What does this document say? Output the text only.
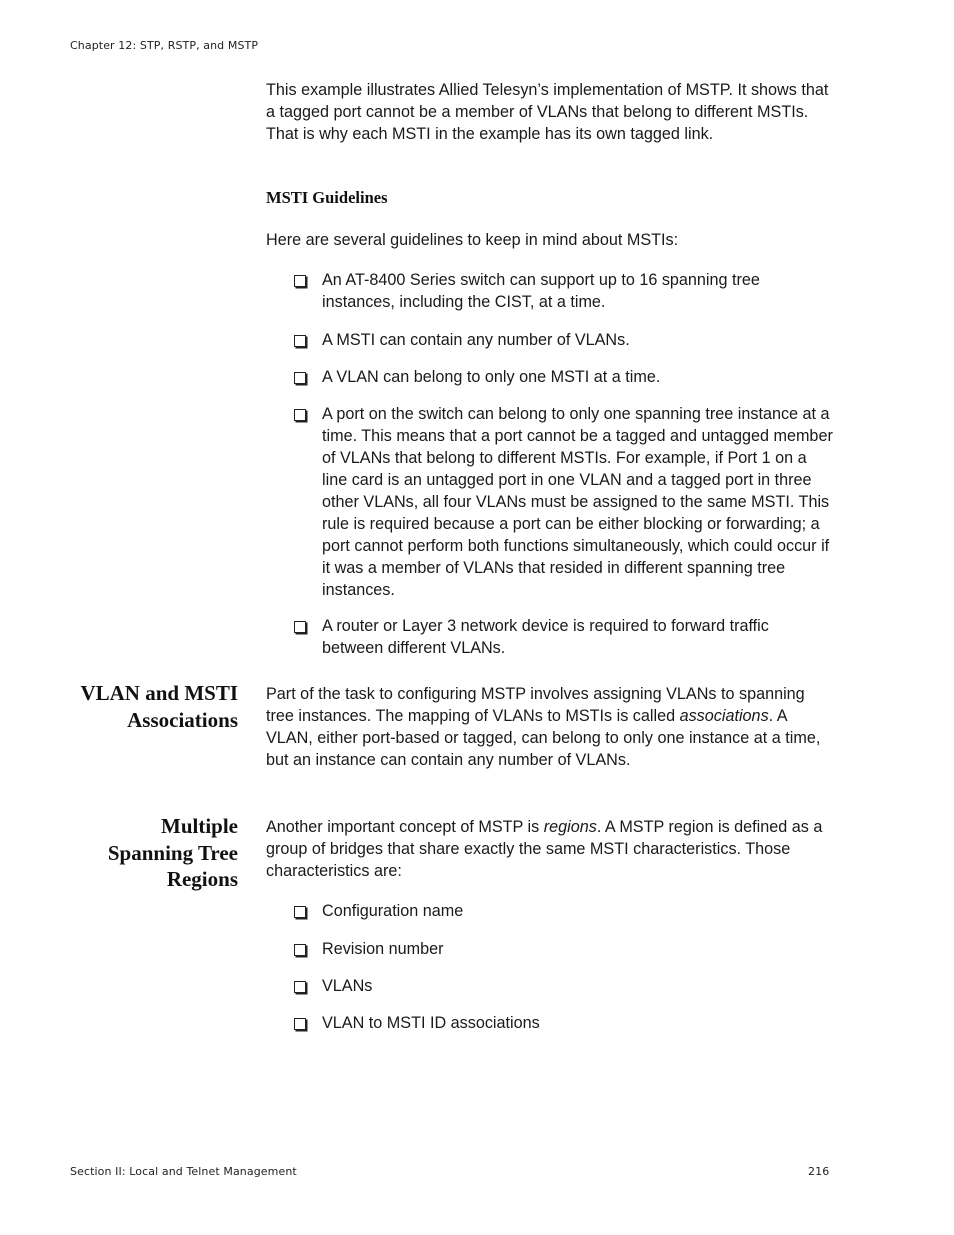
Chapter 12: STP, RSTP, and MSTP

This example illustrates Allied Telesyn’s implementation of MSTP. It shows that a tagged port cannot be a member of VLANs that belong to different MSTIs. That is why each MSTI in the example has its own tagged link.

MSTI Guidelines

Here are several guidelines to keep in mind about MSTIs:

An AT-8400 Series switch can support up to 16 spanning tree instances, including the CIST, at a time.
A MSTI can contain any number of VLANs.
A VLAN can belong to only one MSTI at a time.
A port on the switch can belong to only one spanning tree instance at a time. This means that a port cannot be a tagged and untagged member of VLANs that belong to different MSTIs. For example, if Port 1 on a line card is an untagged port in one VLAN and a tagged port in three other VLANs, all four VLANs must be assigned to the same MSTI. This rule is required because a port can be either blocking or forwarding; a port cannot perform both functions simultaneously, which could occur if it was a member of VLANs that resided in different spanning tree instances.
A router or Layer 3 network device is required to forward traffic between different VLANs.
VLAN and MSTI
Associations

Part of the task to configuring MSTP involves assigning VLANs to spanning tree instances. The mapping of VLANs to MSTIs is called associations. A VLAN, either port-based or tagged, can belong to only one instance at a time, but an instance can contain any number of VLANs.

Multiple
Spanning Tree
Regions

Another important concept of MSTP is regions. A MSTP region is defined as a group of bridges that share exactly the same MSTI characteristics. Those characteristics are:

Configuration name
Revision number
VLANs
VLAN to MSTI ID associations
Section II: Local and Telnet Management	216
